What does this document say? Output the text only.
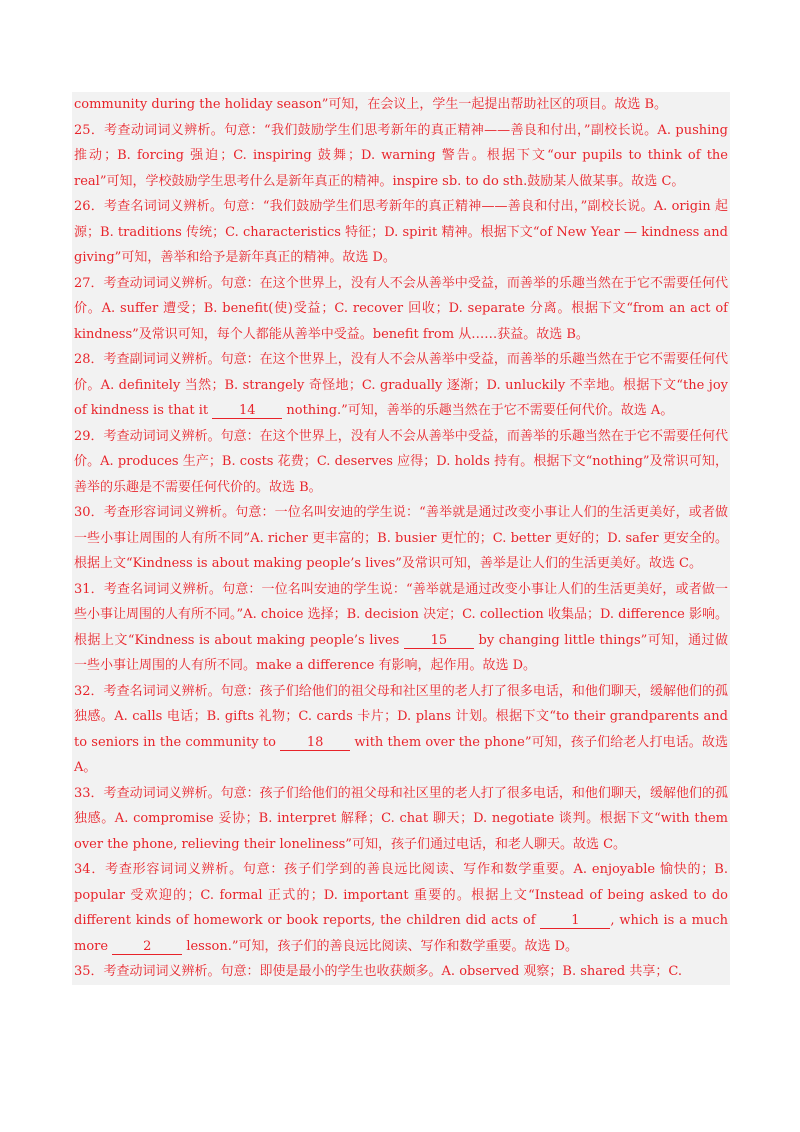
community during the holiday season”可知，在会议上，学生一起提出帮助社区的项目。故选 B。

25．考查动词词义辨析。句意：“我们鼓励学生们思考新年的真正精神——善良和付出，”副校长说。A. pushing 推动；B. forcing 强迫；C. inspiring 鼓舞；D. warning 警告。根据下文“our pupils to think of the real”可知，学校鼓励学生思考什么是新年真正的精神。inspire sb. to do sth.鼓励某人做某事。故选 C。

26．考查名词词义辨析。句意：“我们鼓励学生们思考新年的真正精神——善良和付出，”副校长说。A. origin 起源；B. traditions 传统；C. characteristics 特征；D. spirit 精神。根据下文“of New Year — kindness and giving”可知，善举和给予是新年真正的精神。故选 D。

27．考查动词词义辨析。句意：在这个世界上，没有人不会从善举中受益，而善举的乐趣当然在于它不需要任何代价。A. suffer 遭受；B. benefit(使)受益；C. recover 回收；D. separate 分离。根据下文“from an act of kindness”及常识可知，每个人都能从善举中受益。benefit from 从……获益。故选 B。

28．考查副词词义辨析。句意：在这个世界上，没有人不会从善举中受益，而善举的乐趣当然在于它不需要任何代价。A. definitely 当然；B. strangely 奇怪地；C. gradually 逐渐；D. unluckily 不幸地。根据下文“the joy of kindness is that it 14 nothing.”可知，善举的乐趣当然在于它不需要任何代价。故选 A。

29．考查动词词义辨析。句意：在这个世界上，没有人不会从善举中受益，而善举的乐趣当然在于它不需要任何代价。A. produces 生产；B. costs 花费；C. deserves 应得；D. holds 持有。根据下文“nothing”及常识可知，善举的乐趣是不需要任何代价的。故选 B。

30．考查形容词词义辨析。句意：一位名叫安迪的学生说：“善举就是通过改变小事让人们的生活更美好，或者做一些小事让周围的人有所不同”A. richer 更丰富的；B. busier 更忙的；C. better 更好的；D. safer 更安全的。根据上文“Kindness is about making people’s lives”及常识可知，善举是让人们的生活更美好。故选 C。

31．考查名词词义辨析。句意：一位名叫安迪的学生说：“善举就是通过改变小事让人们的生活更美好，或者做一些小事让周围的人有所不同。”A. choice 选择；B. decision 决定；C. collection 收集品；D. difference 影响。根据上文“Kindness is about making people’s lives 15 by changing little things”可知，通过做一些小事让周围的人有所不同。make a difference 有影响，起作用。故选 D。

32．考查名词词义辨析。句意：孩子们给他们的祖父母和社区里的老人打了很多电话，和他们聊天，缓解他们的孤独感。A. calls 电话；B. gifts 礼物；C. cards 卡片；D. plans 计划。根据下文“to their grandparents and to seniors in the community to 18 with them over the phone”可知，孩子们给老人打电话。故选 A。

33．考查动词词义辨析。句意：孩子们给他们的祖父母和社区里的老人打了很多电话，和他们聊天，缓解他们的孤独感。A. compromise 妥协；B. interpret 解释；C. chat 聊天；D. negotiate 谈判。根据下文“with them over the phone, relieving their loneliness”可知，孩子们通过电话，和老人聊天。故选 C。

34．考查形容词词义辨析。句意：孩子们学到的善良远比阅读、写作和数学重要。A. enjoyable 愉快的；B. popular 受欢迎的；C. formal 正式的；D. important 重要的。根据上文“Instead of being asked to do different kinds of homework or book reports, the children did acts of 1 , which is a much more 2 lesson.”可知，孩子们的善良远比阅读、写作和数学重要。故选 D。

35．考查动词词义辨析。句意：即使是最小的学生也收获颇多。A. observed 观察；B. shared 共享；C.
